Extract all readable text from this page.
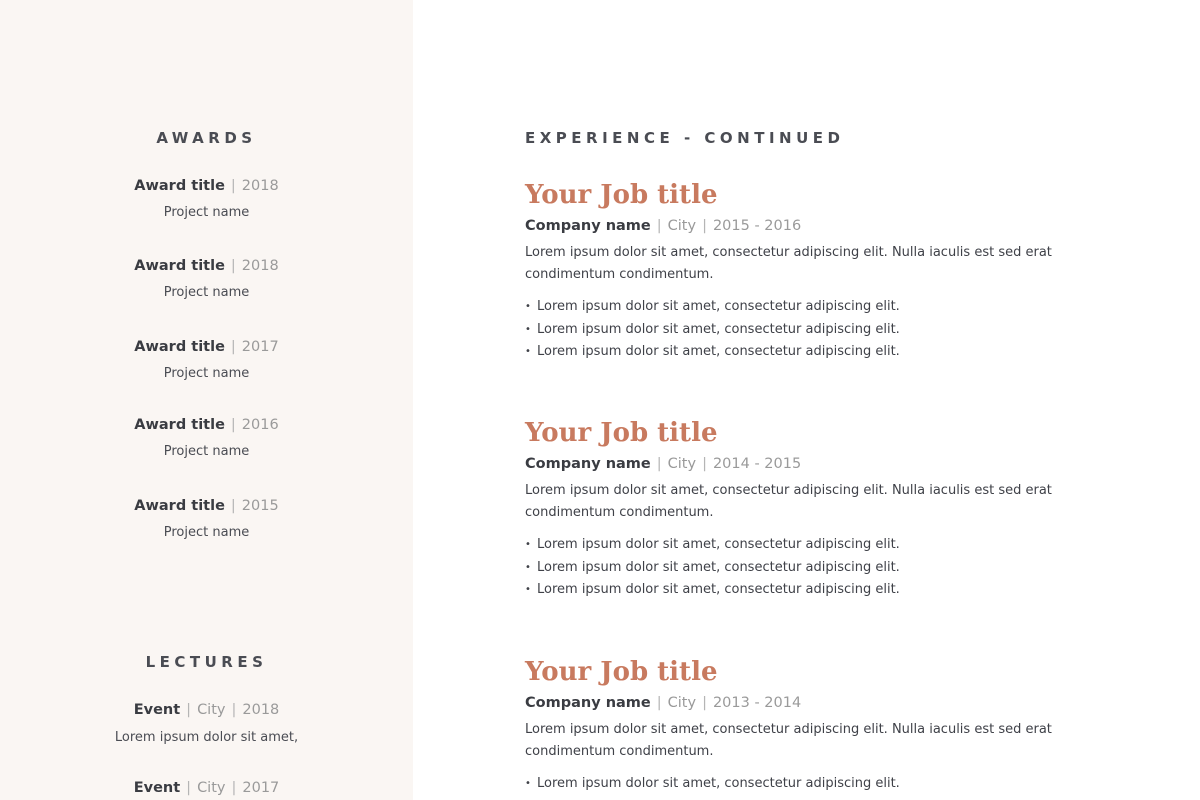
AWARDS
Award title | 2018
Project name
Award title | 2018
Project name
Award title | 2017
Project name
Award title | 2016
Project name
Award title | 2015
Project name
LECTURES
Event | City | 2018
Lorem ipsum dolor sit amet,
Event | City | 2017
EXPERIENCE - CONTINUED
Your Job title
Company name | City | 2015 - 2016
Lorem ipsum dolor sit amet, consectetur adipiscing elit. Nulla iaculis est sed erat condimentum condimentum.
• Lorem ipsum dolor sit amet, consectetur adipiscing elit.
• Lorem ipsum dolor sit amet, consectetur adipiscing elit.
• Lorem ipsum dolor sit amet, consectetur adipiscing elit.
Your Job title
Company name | City | 2014 - 2015
Lorem ipsum dolor sit amet, consectetur adipiscing elit. Nulla iaculis est sed erat condimentum condimentum.
• Lorem ipsum dolor sit amet, consectetur adipiscing elit.
• Lorem ipsum dolor sit amet, consectetur adipiscing elit.
• Lorem ipsum dolor sit amet, consectetur adipiscing elit.
Your Job title
Company name | City | 2013 - 2014
Lorem ipsum dolor sit amet, consectetur adipiscing elit. Nulla iaculis est sed erat condimentum condimentum.
• Lorem ipsum dolor sit amet, consectetur adipiscing elit.
